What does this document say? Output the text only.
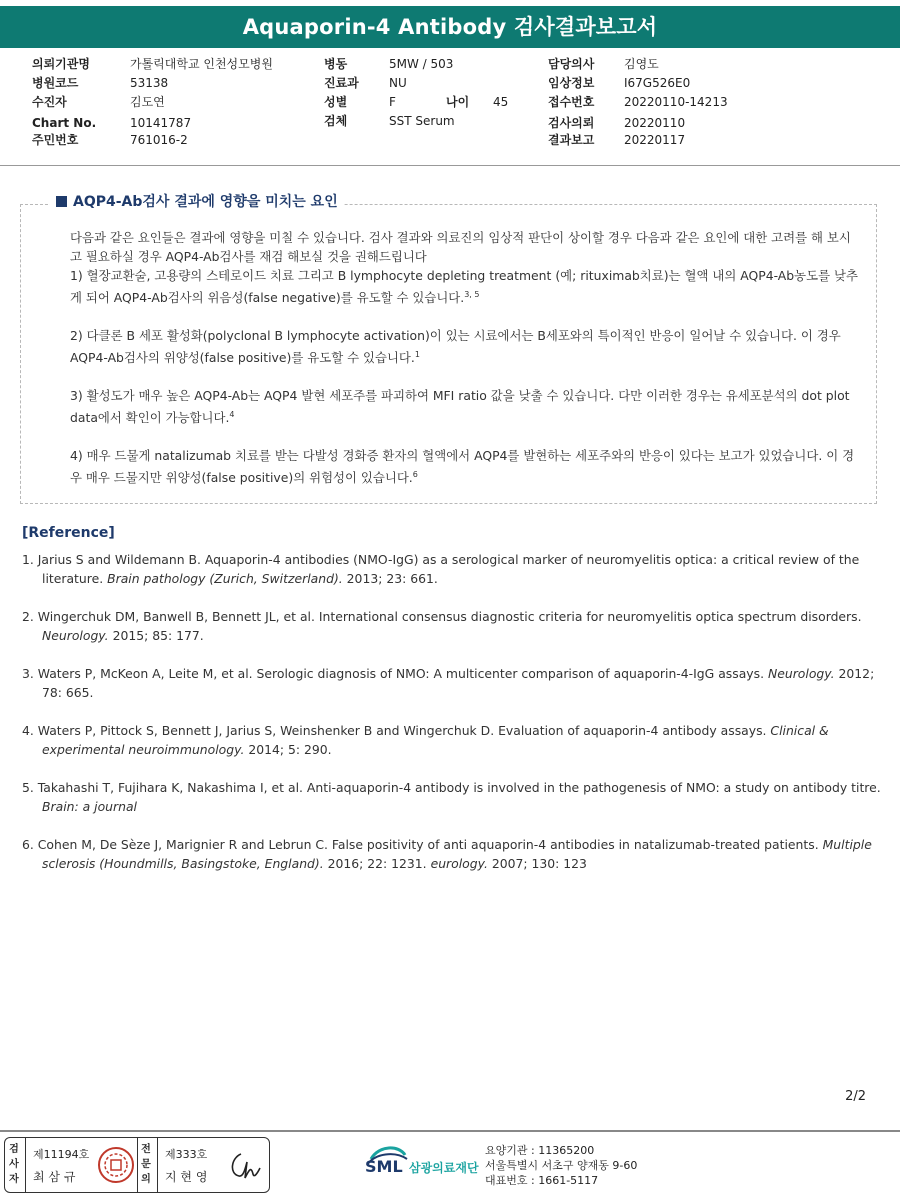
Aquaporin-4 Antibody 검사결과보고서
의뢰기관명	가톨릭대학교 인천성모병원
병원코드	53138
수진자	김도연
Chart No.	10141787
주민번호	761016-2
병동	5MW / 503
진료과	NU
성별	F	나이 45
검체	SST Serum
담당의사 김영도
임상정보 I67G526E0
접수번호 20220110-14213
검사의뢰 20220110
결과보고 20220117
AQP4-Ab검사 결과에 영향을 미치는 요인

다음과 같은 요인들은 결과에 영향을 미칠 수 있습니다. 검사 결과와 의료진의 임상적 판단이 상이할 경우 다음과 같은 요인에 대한 고려를 해 보시고 필요하실 경우 AQP4-Ab검사를 재검 해보실 것을 권해드립니다

1) 혈장교환술, 고용량의 스테로이드 치료 그리고 B lymphocyte depleting treatment (예; rituximab치료)는 혈액 내의 AQP4-Ab농도를 낮추게 되어 AQP4-Ab검사의 위음성(false negative)를 유도할 수 있습니다.$^{3, 5}$

2) 다클론 B 세포 활성화(polyclonal B lymphocyte activation)이 있는 시료에서는 B세포와의 특이적인 반응이 일어날 수 있습니다. 이 경우 AQP4-Ab검사의 위양성(false positive)를 유도할 수 있습니다.$^1$

3) 활성도가 매우 높은 AQP4-Ab는 AQP4 발현 세포주를 파괴하여 MFI ratio 값을 낮출 수 있습니다. 다만 이러한 경우는 유세포분석의 dot plot data에서 확인이 가능합니다.$^4$

4) 매우 드물게 natalizumab 치료를 받는 다발성 경화증 환자의 혈액에서 AQP4를 발현하는 세포주와의 반응이 있다는 보고가 있었습니다. 이 경우 매우 드물지만 위양성(false positive)의 위험성이 있습니다.$^6$

[Reference]
1. Jarius S and Wildemann B. Aquaporin-4 antibodies (NMO-IgG) as a serological marker of neuromyelitis optica: a critical review of the literature. Brain pathology (Zurich, Switzerland). 2013; 23: 661.
2. Wingerchuk DM, Banwell B, Bennett JL, et al. International consensus diagnostic criteria for neuromyelitis optica spectrum disorders. Neurology. 2015; 85: 177.
3. Waters P, McKeon A, Leite M, et al. Serologic diagnosis of NMO: A multicenter comparison of aquaporin-4-IgG assays. Neurology. 2012; 78: 665.
4. Waters P, Pittock S, Bennett J, Jarius S, Weinshenker B and Wingerchuk D. Evaluation of aquaporin-4 antibody assays. Clinical & experimental neuroimmunology. 2014; 5: 290.
5. Takahashi T, Fujihara K, Nakashima I, et al. Anti-aquaporin-4 antibody is involved in the pathogenesis of NMO: a study on antibody titre. Brain: a journal
6. Cohen M, De Sèze J, Marignier R and Lebrun C. False positivity of anti aquaporin-4 antibodies in natalizumab-treated patients. Multiple sclerosis (Houndmills, Basingstoke, England). 2016; 22: 1231. eurology. 2007; 130: 123
2/2
검사자
제11194호
최 삼 규
전문의
제333호
지 현 영
SML 삼광의료재단
요양기관 : 11365200
서울특별시 서초구 양재동 9-60
대표번호 : 1661-5117
